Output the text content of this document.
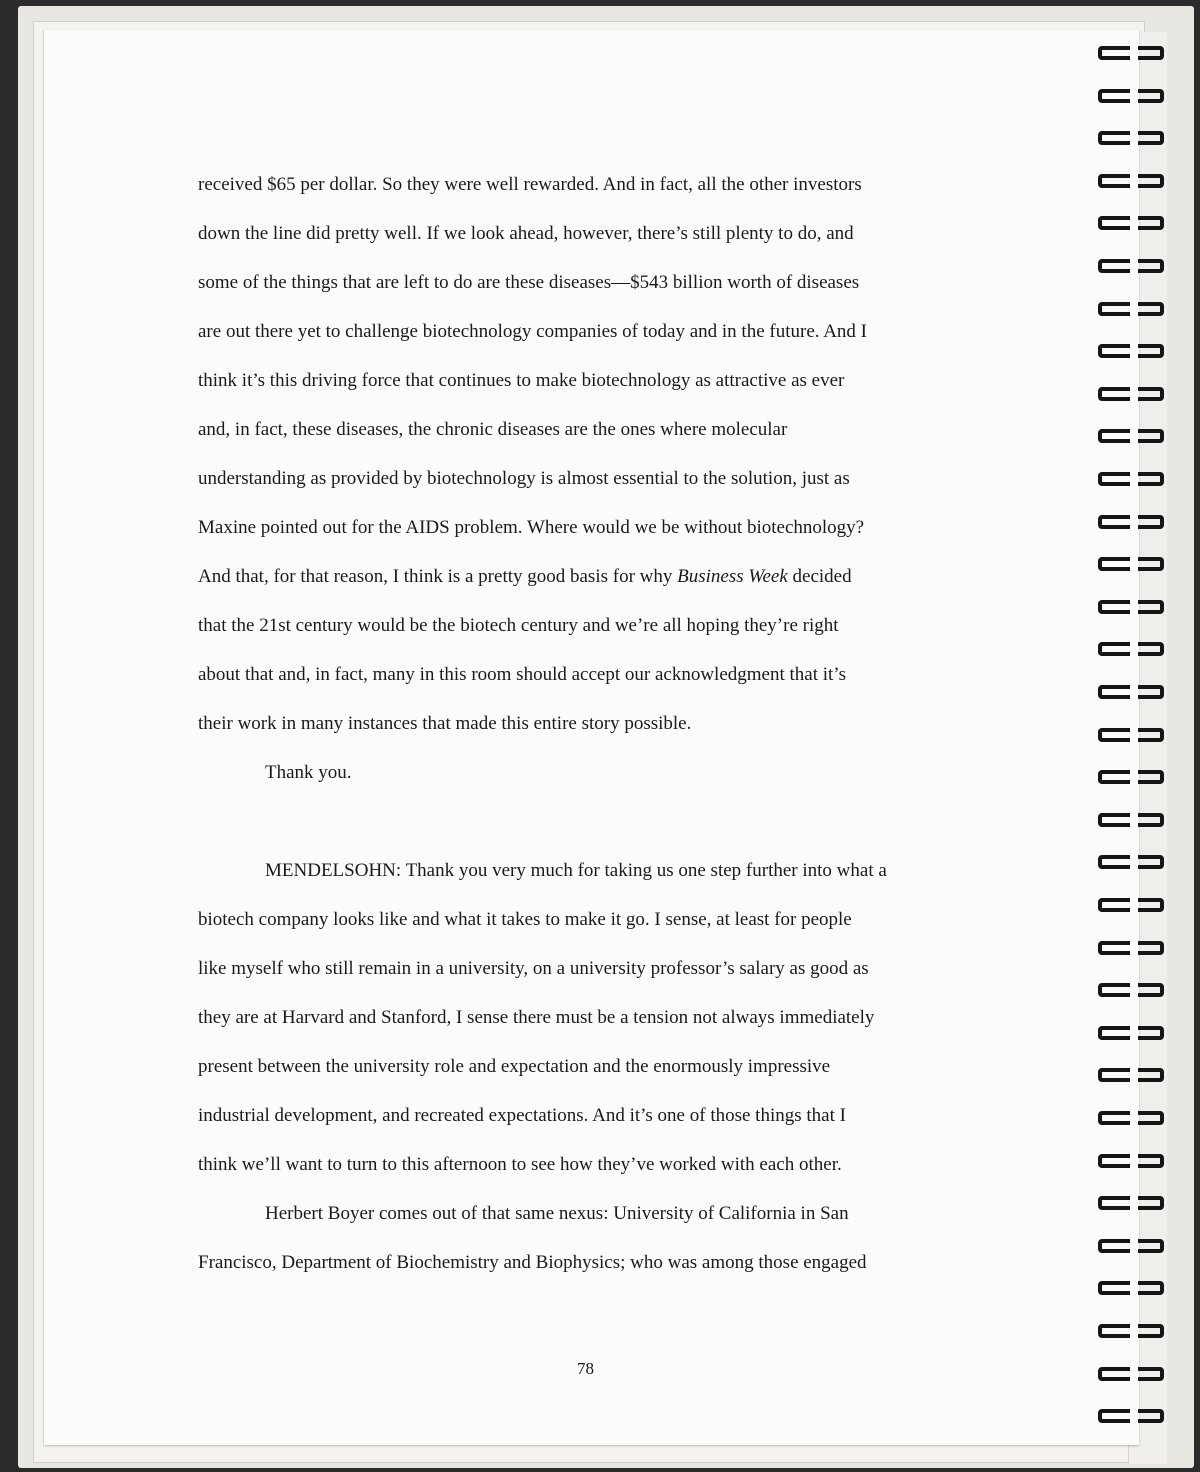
received $65 per dollar. So they were well rewarded. And in fact, all the other investors
down the line did pretty well. If we look ahead, however, there’s still plenty to do, and
some of the things that are left to do are these diseases—$543 billion worth of diseases
are out there yet to challenge biotechnology companies of today and in the future. And I
think it’s this driving force that continues to make biotechnology as attractive as ever
and, in fact, these diseases, the chronic diseases are the ones where molecular
understanding as provided by biotechnology is almost essential to the solution, just as
Maxine pointed out for the AIDS problem. Where would we be without biotechnology?
And that, for that reason, I think is a pretty good basis for why Business Week decided
that the 21st century would be the biotech century and we’re all hoping they’re right
about that and, in fact, many in this room should accept our acknowledgment that it’s
their work in many instances that made this entire story possible.
Thank you.
MENDELSOHN: Thank you very much for taking us one step further into what a
biotech company looks like and what it takes to make it go. I sense, at least for people
like myself who still remain in a university, on a university professor’s salary as good as
they are at Harvard and Stanford, I sense there must be a tension not always immediately
present between the university role and expectation and the enormously impressive
industrial development, and recreated expectations. And it’s one of those things that I
think we’ll want to turn to this afternoon to see how they’ve worked with each other.
Herbert Boyer comes out of that same nexus: University of California in San
Francisco, Department of Biochemistry and Biophysics; who was among those engaged
78
